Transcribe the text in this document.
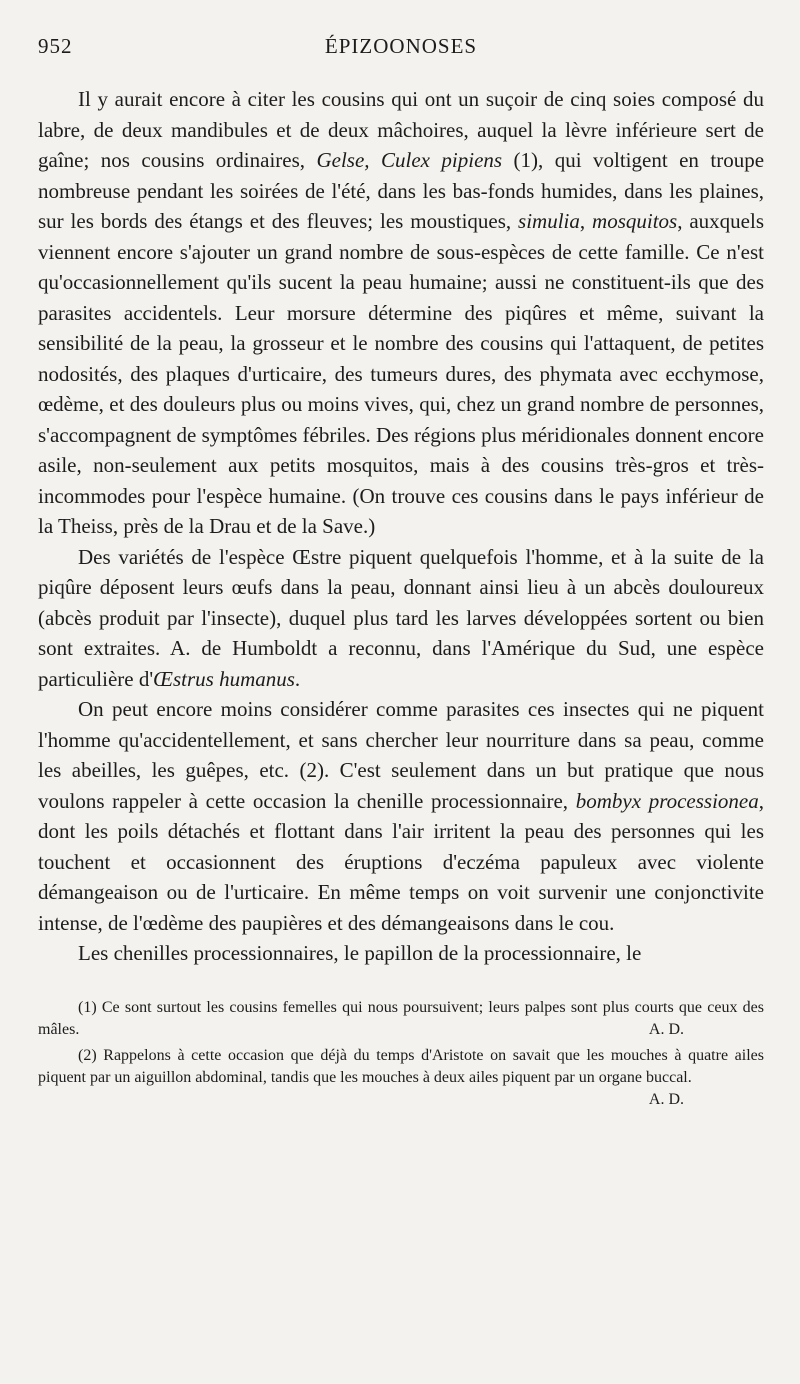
952	ÉPIZOONOSES

Il y aurait encore à citer les cousins qui ont un suçoir de cinq soies composé du labre, de deux mandibules et de deux mâchoires, auquel la lèvre inférieure sert de gaîne; nos cousins ordinaires, Gelse, Culex pipiens (1), qui voltigent en troupe nombreuse pendant les soirées de l'été, dans les bas-fonds humides, dans les plaines, sur les bords des étangs et des fleuves; les moustiques, simulia, mosquitos, auxquels viennent encore s'ajouter un grand nombre de sous-espèces de cette famille. Ce n'est qu'occasionnellement qu'ils sucent la peau humaine; aussi ne constituent-ils que des parasites accidentels. Leur morsure détermine des piqûres et même, suivant la sensibilité de la peau, la grosseur et le nombre des cousins qui l'attaquent, de petites nodosités, des plaques d'urticaire, des tumeurs dures, des phymata avec ecchymose, œdème, et des douleurs plus ou moins vives, qui, chez un grand nombre de personnes, s'accompagnent de symptômes fébriles. Des régions plus méridionales donnent encore asile, non-seulement aux petits mosquitos, mais à des cousins très-gros et très-incommodes pour l'espèce humaine. (On trouve ces cousins dans le pays inférieur de la Theiss, près de la Drau et de la Save.)

Des variétés de l'espèce Œstre piquent quelquefois l'homme, et à la suite de la piqûre déposent leurs œufs dans la peau, donnant ainsi lieu à un abcès douloureux (abcès produit par l'insecte), duquel plus tard les larves développées sortent ou bien sont extraites. A. de Humboldt a reconnu, dans l'Amérique du Sud, une espèce particulière d'Œstrus humanus.

On peut encore moins considérer comme parasites ces insectes qui ne piquent l'homme qu'accidentellement, et sans chercher leur nourriture dans sa peau, comme les abeilles, les guêpes, etc. (2). C'est seulement dans un but pratique que nous voulons rappeler à cette occasion la chenille processionnaire, bombyx processionea, dont les poils détachés et flottant dans l'air irritent la peau des personnes qui les touchent et occasionnent des éruptions d'eczéma papuleux avec violente démangeaison ou de l'urticaire. En même temps on voit survenir une conjonctivite intense, de l'œdème des paupières et des démangeaisons dans le cou.

Les chenilles processionnaires, le papillon de la processionnaire, le

(1) Ce sont surtout les cousins femelles qui nous poursuivent; leurs palpes sont plus courts que ceux des mâles.	A. D.

(2) Rappelons à cette occasion que déjà du temps d'Aristote on savait que les mouches à quatre ailes piquent par un aiguillon abdominal, tandis que les mouches à deux ailes piquent par un organe buccal.
A. D.
